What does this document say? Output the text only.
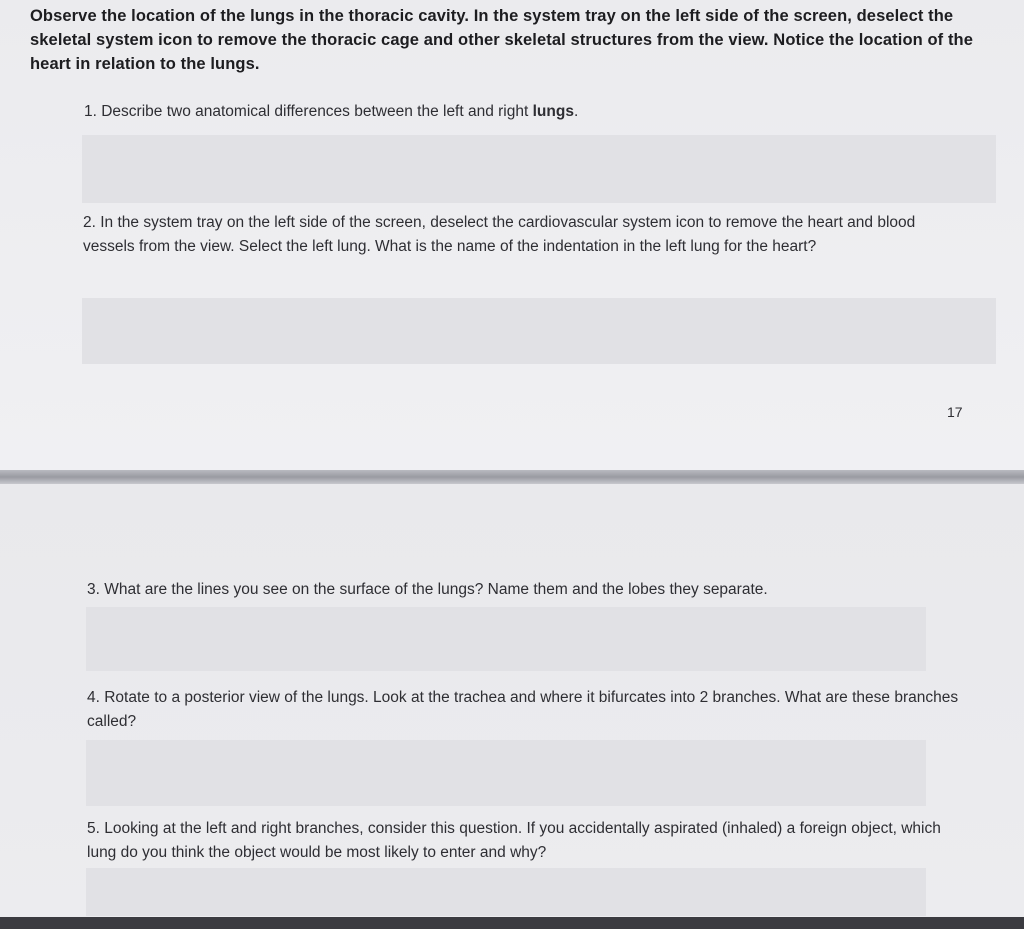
Observe the location of the lungs in the thoracic cavity. In the system tray on the left side of the screen, deselect the skeletal system icon to remove the thoracic cage and other skeletal structures from the view. Notice the location of the heart in relation to the lungs.
1. Describe two anatomical differences between the left and right lungs.
2. In the system tray on the left side of the screen, deselect the cardiovascular system icon to remove the heart and blood vessels from the view. Select the left lung. What is the name of the indentation in the left lung for the heart?
17
3. What are the lines you see on the surface of the lungs? Name them and the lobes they separate.
4. Rotate to a posterior view of the lungs. Look at the trachea and where it bifurcates into 2 branches. What are these branches called?
5. Looking at the left and right branches, consider this question. If you accidentally aspirated (inhaled) a foreign object, which lung do you think the object would be most likely to enter and why?
